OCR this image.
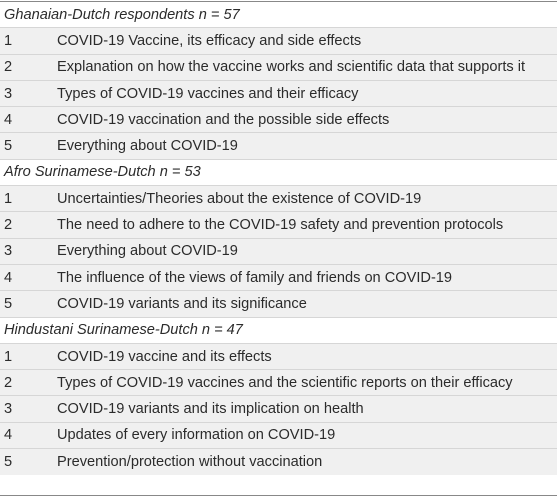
Ghanaian-Dutch respondents n = 57
1	COVID-19 Vaccine, its efficacy and side effects
2	Explanation on how the vaccine works and scientific data that supports it
3	Types of COVID-19 vaccines and their efficacy
4	COVID-19 vaccination and the possible side effects
5	Everything about COVID-19
Afro Surinamese-Dutch n = 53
1	Uncertainties/Theories about the existence of COVID-19
2	The need to adhere to the COVID-19 safety and prevention protocols
3	Everything about COVID-19
4	The influence of the views of family and friends on COVID-19
5	COVID-19 variants and its significance
Hindustani Surinamese-Dutch n = 47
1	COVID-19 vaccine and its effects
2	Types of COVID-19 vaccines and the scientific reports on their efficacy
3	COVID-19 variants and its implication on health
4	Updates of every information on COVID-19
5	Prevention/protection without vaccination
